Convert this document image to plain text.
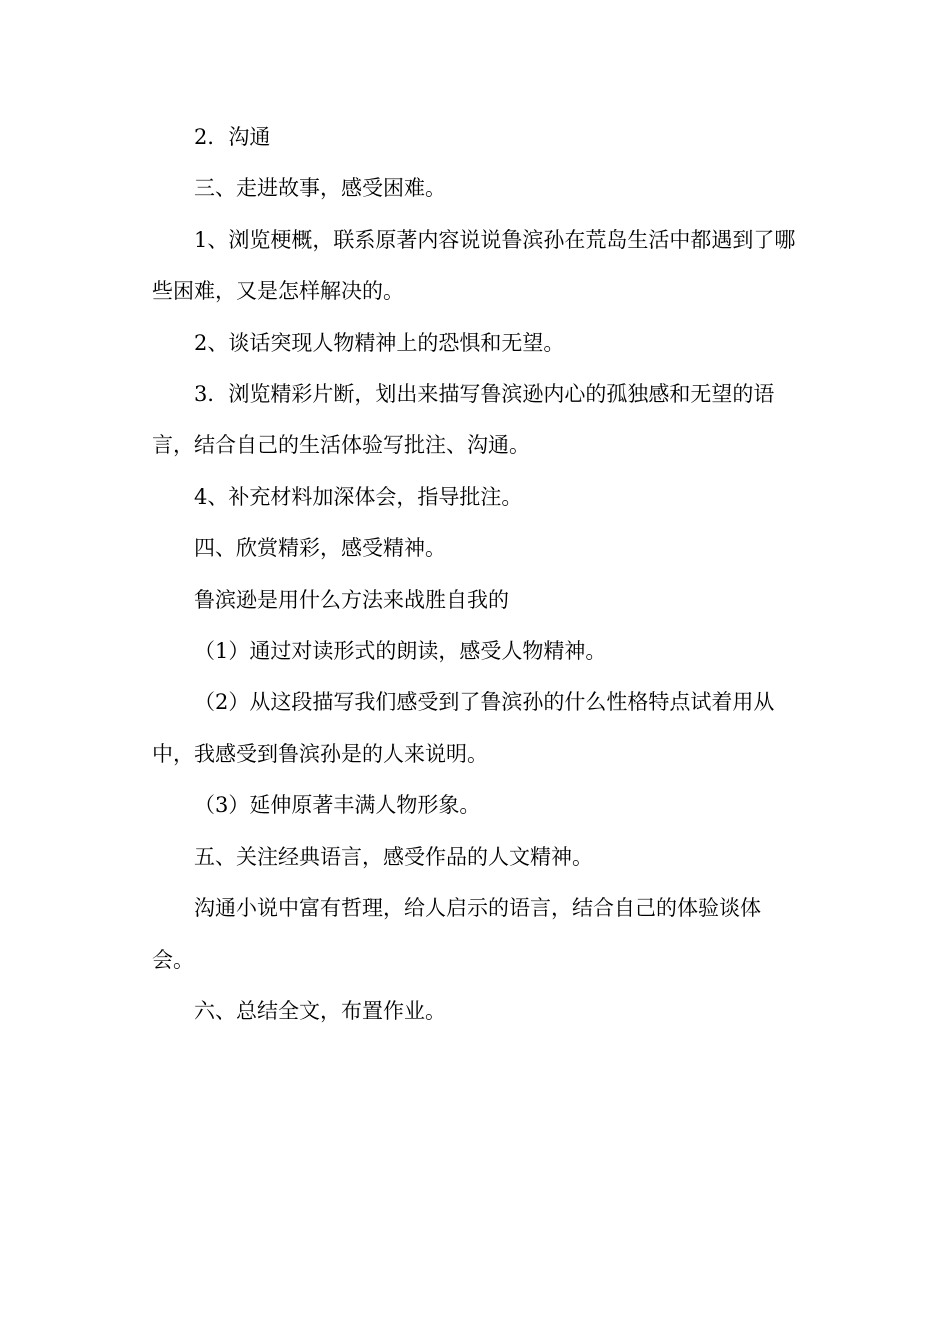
2．沟通

三、走进故事，感受困难。

1、浏览梗概，联系原著内容说说鲁滨孙在荒岛生活中都遇到了哪些困难，又是怎样解决的。

2、谈话突现人物精神上的恐惧和无望。

3．浏览精彩片断，划出来描写鲁滨逊内心的孤独感和无望的语言，结合自己的生活体验写批注、沟通。

4、补充材料加深体会，指导批注。

四、欣赏精彩，感受精神。

鲁滨逊是用什么方法来战胜自我的

（1）通过对读形式的朗读，感受人物精神。

（2）从这段描写我们感受到了鲁滨孙的什么性格特点试着用从中，我感受到鲁滨孙是的人来说明。

（3）延伸原著丰满人物形象。

五、关注经典语言，感受作品的人文精神。

沟通小说中富有哲理，给人启示的语言，结合自己的体验谈体会。

六、总结全文，布置作业。
